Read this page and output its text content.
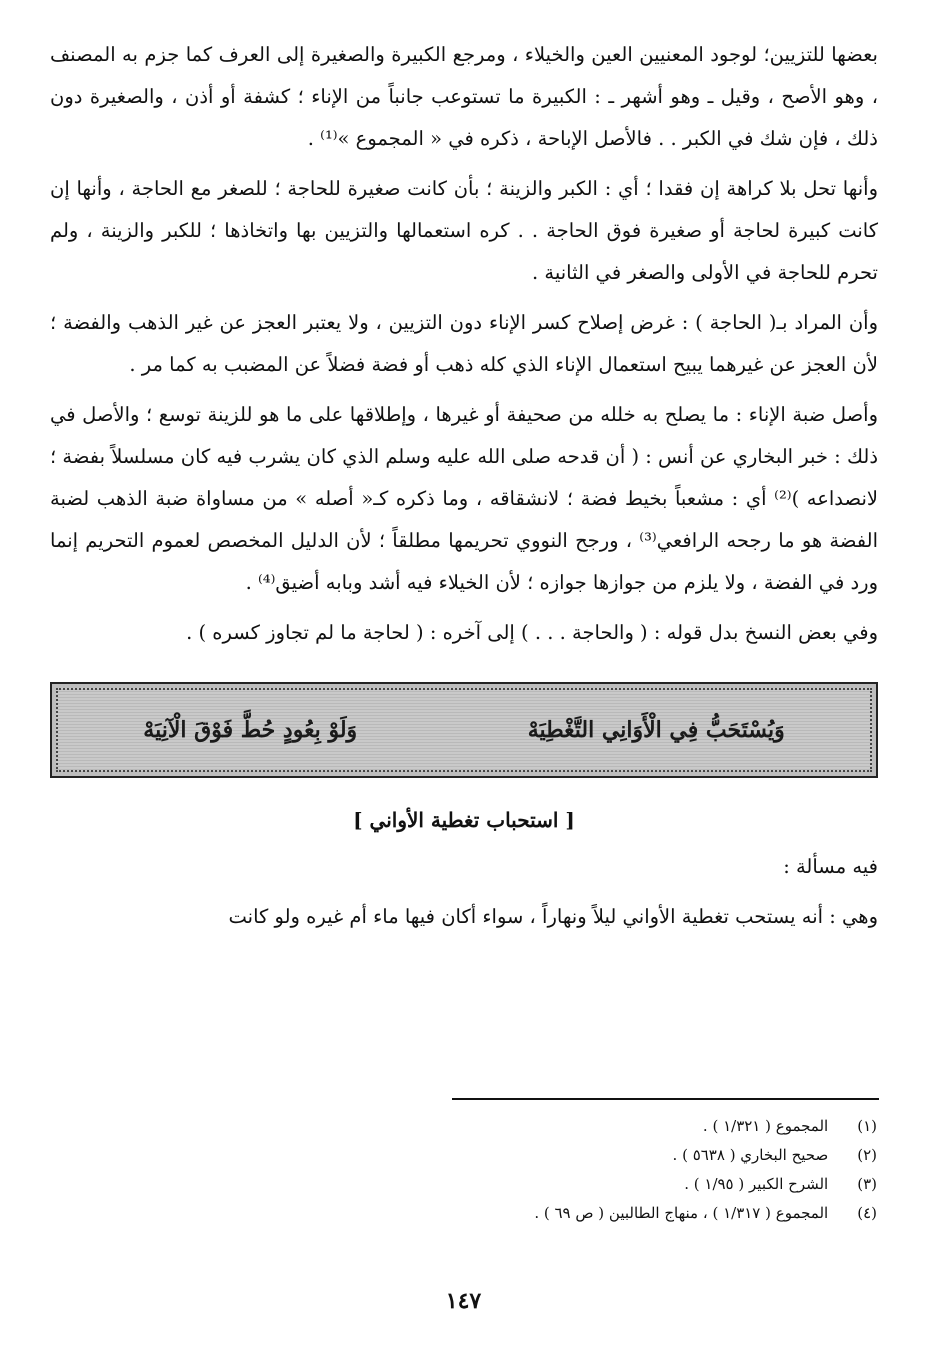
بعضها للتزيين؛ لوجود المعنيين العين والخيلاء ، ومرجع الكبيرة والصغيرة إلى العرف كما جزم به المصنف ، وهو الأصح ، وقيل ـ وهو أشهر ـ : الكبيرة ما تستوعب جانباً من الإناء ؛ كشفة أو أذن ، والصغيرة دون ذلك ، فإن شك في الكبر . . فالأصل الإباحة ، ذكره في « المجموع »⁽¹⁾ .

وأنها تحل بلا كراهة إن فقدا ؛ أي : الكبر والزينة ؛ بأن كانت صغيرة للحاجة ؛ للصغر مع الحاجة ، وأنها إن كانت كبيرة لحاجة أو صغيرة فوق الحاجة . . كره استعمالها والتزيين بها واتخاذها ؛ للكبر والزينة ، ولم تحرم للحاجة في الأولى والصغر في الثانية .

وأن المراد بـ( الحاجة ) : غرض إصلاح كسر الإناء دون التزيين ، ولا يعتبر العجز عن غير الذهب والفضة ؛ لأن العجز عن غيرهما يبيح استعمال الإناء الذي كله ذهب أو فضة فضلاً عن المضبب به كما مر .

وأصل ضبة الإناء : ما يصلح به خلله من صحيفة أو غيرها ، وإطلاقها على ما هو للزينة توسع ؛ والأصل في ذلك : خبر البخاري عن أنس : ( أن قدحه صلى الله عليه وسلم الذي كان يشرب فيه كان مسلسلاً بفضة ؛ لانصداعه )⁽²⁾ أي : مشعباً بخيط فضة ؛ لانشقاقه ، وما ذكره كـ« أصله » من مساواة ضبة الذهب لضبة الفضة هو ما رجحه الرافعي⁽³⁾ ، ورجح النووي تحريمها مطلقاً ؛ لأن الدليل المخصص لعموم التحريم إنما ورد في الفضة ، ولا يلزم من جوازها جوازه ؛ لأن الخيلاء فيه أشد وبابه أضيق⁽⁴⁾ .

وفي بعض النسخ بدل قوله : ( والحاجة . . . ) إلى آخره : ( لحاجة ما لم تجاوز كسره ) .

وَيُسْتَحَبُّ فِي الْأَوَانِي التَّغْطِيَهْ
وَلَوْ بِعُودٍ حُطَّ فَوْقَ الْآنِيَهْ
[ استحباب تغطية الأواني ]

فيه مسألة :

وهي : أنه يستحب تغطية الأواني ليلاً ونهاراً ، سواء أكان فيها ماء أم غيره ولو كانت

(١) المجموع ( ١/٣٢١ ) .
(٢) صحيح البخاري ( ٥٦٣٨ ) .
(٣) الشرح الكبير ( ١/٩٥ ) .
(٤) المجموع ( ١/٣١٧ ) ، منهاج الطالبين ( ص ٦٩ ) .
١٤٧
